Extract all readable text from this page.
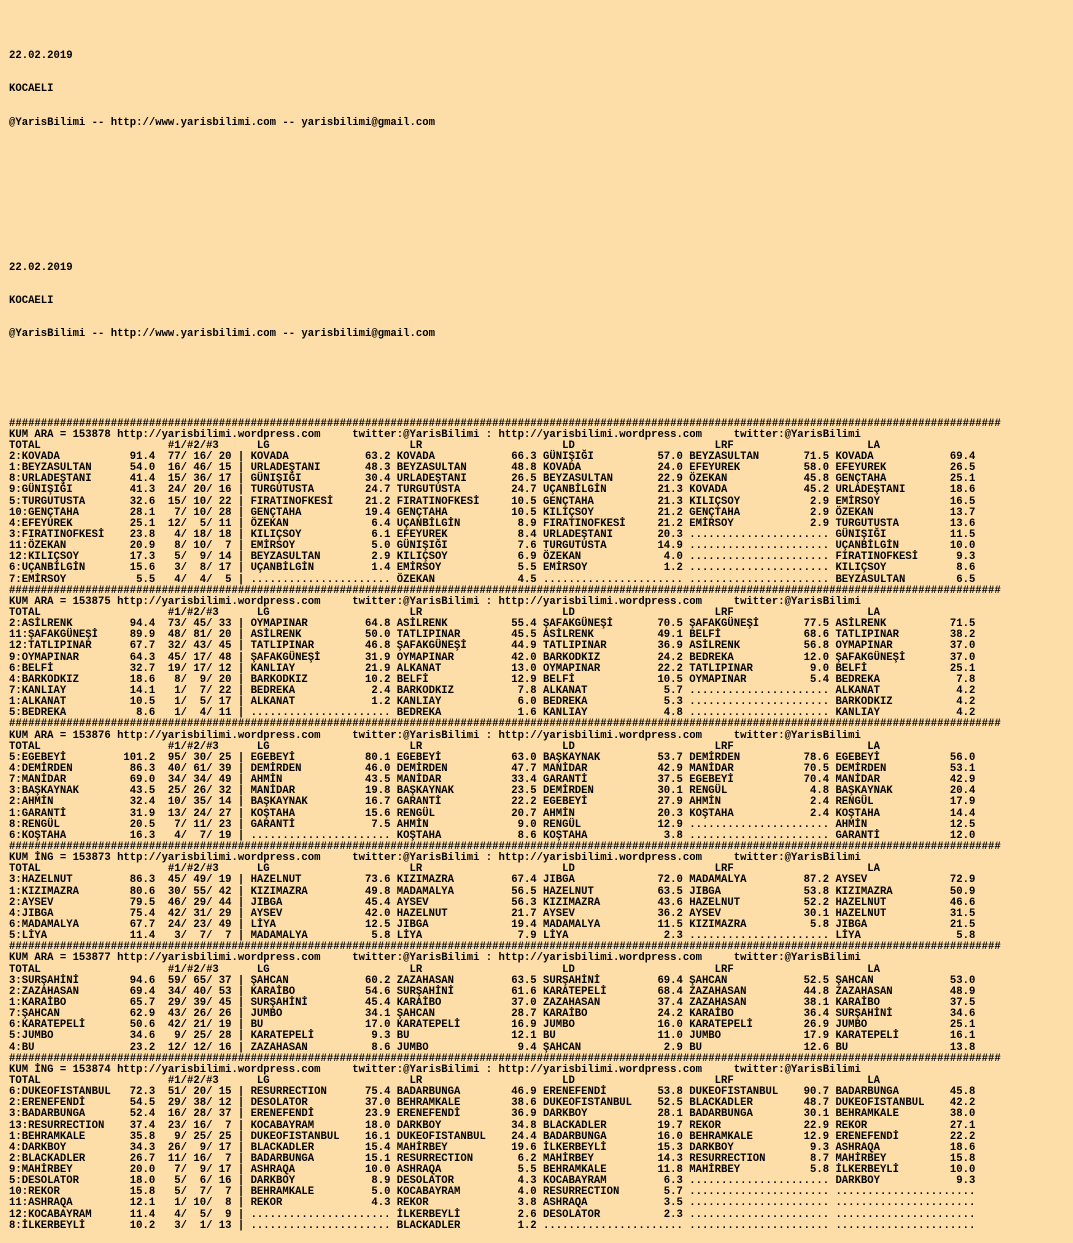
22.02.2019

KOCAELI

@YarisBilimi -- http://www.yarisbilimi.com -- yarisbilimi@gmail.com

22.02.2019

KOCAELI

@YarisBilimi -- http://www.yarisbilimi.com -- yarisbilimi@gmail.com

############################################################################################################################################################
KUM ARA = 153878 http://yarisbilimi.wordpress.com     twitter:@YarisBilimi : http://yarisbilimi.wordpress.com     twitter:@YarisBilimi
TOTAL                    #1/#2/#3      LG                      LR                      LD                      LRF                     LA
2:KOVADA           91.4  77/ 16/ 20 | KOVADA            63.2 KOVADA            66.3 GÜNIŞIĞI          57.0 BEYZASULTAN       71.5 KOVADA            69.4
1:BEYZASULTAN      54.0  16/ 46/ 15 | URLADEŞTANI       48.3 BEYZASULTAN       48.8 KOVADA            24.0 EFEYUREK          58.0 EFEYUREK          26.5
8:URLADEŞTANI      41.4  15/ 36/ 17 | GÜNIŞIĞI          30.4 URLADEŞTANI       26.5 BEYZASULTAN       22.9 ÖZEKAN            45.8 GENÇTAHA          25.1
9:GÜNIŞIĞI         41.3  24/ 20/ 16 | TURGUTUSTA        24.7 TURGUTUSTA        24.7 UÇANBİLGİN        21.3 KOVADA            45.2 URLADEŞTANI       18.6
5:TURGUTUSTA       32.6  15/ 10/ 22 | FIRATINOFKESİ     21.2 FIRATINOFKESİ     10.5 GENÇTAHA          21.3 KILIÇSOY           2.9 EMİRSOY           16.5
10:GENÇTAHA        28.1   7/ 10/ 28 | GENÇTAHA          19.4 GENÇTAHA          10.5 KILIÇSOY          21.2 GENÇTAHA           2.9 ÖZEKAN            13.7
4:EFEYUREK         25.1  12/  5/ 11 | ÖZEKAN             6.4 UÇANBİLGİN         8.9 FIRATINOFKESİ     21.2 EMİRSOY            2.9 TURGUTUSTA        13.6
3:FIRATINOFKESİ    23.8   4/ 18/ 18 | KILIÇSOY           6.1 EFEYUREK           8.4 URLADEŞTANI       20.3 ...................... GÜNIŞIĞI          11.5
11:ÖZEKAN          20.9   8/ 10/  7 | EMİRSOY            5.0 GÜNIŞIĞI           7.6 TURGUTUSTA        14.9 ...................... UÇANBİLGİN        10.0
12:KILIÇSOY        17.3   5/  9/ 14 | BEYZASULTAN        2.9 KILIÇSOY           6.9 ÖZEKAN             4.0 ...................... FIRATINOFKESİ      9.3
6:UÇANBİLGİN       15.6   3/  8/ 17 | UÇANBİLGİN         1.4 EMİRSOY            5.5 EMİRSOY            1.2 ...................... KILIÇSOY           8.6
7:EMİRSOY           5.5   4/  4/  5 | ...................... ÖZEKAN             4.5 ...................... ...................... BEYZASULTAN        6.5
############################################################################################################################################################
KUM ARA = 153875 http://yarisbilimi.wordpress.com     twitter:@YarisBilimi : http://yarisbilimi.wordpress.com     twitter:@YarisBilimi
TOTAL                    #1/#2/#3      LG                      LR                      LD                      LRF                     LA
2:ASİLRENK         94.4  73/ 45/ 33 | OYMAPINAR         64.8 ASİLRENK          55.4 ŞAFAKGÜNEŞİ       70.5 ŞAFAKGÜNEŞİ       77.5 ASİLRENK          71.5
11:ŞAFAKGÜNEŞİ     89.9  48/ 81/ 20 | ASİLRENK          50.0 TATLIPINAR        45.5 ASİLRENK          49.1 BELFİ             68.6 TATLIPINAR        38.2
12:TATLIPINAR      67.7  32/ 43/ 45 | TATLIPINAR        46.8 ŞAFAKGÜNEŞİ       44.9 TATLIPINAR        36.9 ASİLRENK          56.8 OYMAPINAR         37.0
9:OYMAPINAR        64.3  45/ 17/ 48 | ŞAFAKGÜNEŞİ       31.9 OYMAPINAR         42.0 BARKODKIZ         24.2 BEDREKA           12.0 ŞAFAKGÜNEŞİ       37.0
6:BELFİ            32.7  19/ 17/ 12 | KANLIAY           21.9 ALKANAT           13.0 OYMAPINAR         22.2 TATLIPINAR         9.0 BELFİ             25.1
4:BARKODKIZ        18.6   8/  9/ 20 | BARKODKIZ         10.2 BELFİ             12.9 BELFİ             10.5 OYMAPINAR          5.4 BEDREKA            7.8
7:KANLIAY          14.1   1/  7/ 22 | BEDREKA            2.4 BARKODKIZ          7.8 ALKANAT            5.7 ...................... ALKANAT            4.2
1:ALKANAT          10.5   1/  5/ 17 | ALKANAT            1.2 KANLIAY            6.0 BEDREKA            5.3 ...................... BARKODKIZ          4.2
5:BEDREKA           8.6   1/  4/ 11 | ...................... BEDREKA            1.6 KANLIAY            4.8 ...................... KANLIAY            4.2
############################################################################################################################################################
KUM ARA = 153876 http://yarisbilimi.wordpress.com     twitter:@YarisBilimi : http://yarisbilimi.wordpress.com     twitter:@YarisBilimi
TOTAL                    #1/#2/#3      LG                      LR                      LD                      LRF                     LA
5:EGEBEYİ         101.2  95/ 30/ 25 | EGEBEYİ           80.1 EGEBEYİ           63.0 BAŞKAYNAK         53.7 DEMİRDEN          78.6 EGEBEYİ           56.0
4:DEMİRDEN         86.3  40/ 61/ 39 | DEMİRDEN          46.0 DEMİRDEN          47.7 MANİDAR           42.9 MANİDAR           70.5 DEMİRDEN          53.1
7:MANİDAR          69.0  34/ 34/ 49 | AHMİN             43.5 MANİDAR           33.4 GARANTİ           37.5 EGEBEYİ           70.4 MANİDAR           42.9
3:BAŞKAYNAK        43.5  25/ 26/ 32 | MANİDAR           19.8 BAŞKAYNAK         23.5 DEMİRDEN          30.1 RENGÜL             4.8 BAŞKAYNAK         20.4
2:AHMİN            32.4  10/ 35/ 14 | BAŞKAYNAK         16.7 GARANTİ           22.2 EGEBEYİ           27.9 AHMİN              2.4 RENGÜL            17.9
1:GARANTİ          31.9  13/ 24/ 27 | KOŞTAHA           15.6 RENGÜL            20.7 AHMİN             20.3 KOŞTAHA            2.4 KOŞTAHA           14.4
8:RENGÜL           20.5   7/ 11/ 23 | GARANTİ            7.5 AHMİN              9.0 RENGÜL            12.9 ...................... AHMİN             12.5
6:KOŞTAHA          16.3   4/  7/ 19 | ...................... KOŞTAHA            8.6 KOŞTAHA            3.8 ...................... GARANTİ           12.0
############################################################################################################################################################
KUM İNG = 153873 http://yarisbilimi.wordpress.com     twitter:@YarisBilimi : http://yarisbilimi.wordpress.com     twitter:@YarisBilimi
TOTAL                    #1/#2/#3      LG                      LR                      LD                      LRF                     LA
3:HAZELNUT         86.3  45/ 49/ 19 | HAZELNUT          73.6 KIZIMAZRA         67.4 JIBGA             72.0 MADAMALYA         87.2 AYSEV             72.9
1:KIZIMAZRA        80.6  30/ 55/ 42 | KIZIMAZRA         49.8 MADAMALYA         56.5 HAZELNUT          63.5 JIBGA             53.8 KIZIMAZRA         50.9
2:AYSEV            79.5  46/ 29/ 44 | JIBGA             45.4 AYSEV             56.3 KIZIMAZRA         43.6 HAZELNUT          52.2 HAZELNUT          46.6
4:JIBGA            75.4  42/ 31/ 29 | AYSEV             42.0 HAZELNUT          21.7 AYSEV             36.2 AYSEV             30.1 HAZELNUT          31.5
6:MADAMALYA        67.7  24/ 23/ 49 | LİYA              12.5 JIBGA             19.4 MADAMALYA         11.5 KIZIMAZRA          5.8 JIBGA             21.5
5:LİYA             11.4   3/  7/  7 | MADAMALYA          5.8 LİYA               7.9 LİYA               2.3 ...................... LİYA               5.8
############################################################################################################################################################
KUM ARA = 153877 http://yarisbilimi.wordpress.com     twitter:@YarisBilimi : http://yarisbilimi.wordpress.com     twitter:@YarisBilimi
TOTAL                    #1/#2/#3      LG                      LR                      LD                      LRF                     LA
3:SURŞAHİNİ        94.6  59/ 65/ 37 | ŞAHCAN            60.2 ZAZAHASAN         63.5 SURŞAHİNİ         69.4 ŞAHCAN            52.5 ŞAHCAN            53.0
2:ZAZAHASAN        69.4  34/ 40/ 53 | KARAİBO           54.6 SURŞAHİNİ         61.6 KARATEPELİ        68.4 ZAZAHASAN         44.8 ZAZAHASAN         48.9
1:KARAİBO          65.7  29/ 39/ 45 | SURŞAHİNİ         45.4 KARAİBO           37.0 ZAZAHASAN         37.4 ZAZAHASAN         38.1 KARAİBO           37.5
7:ŞAHCAN           62.9  43/ 26/ 26 | JUMBO             34.1 ŞAHCAN            28.7 KARAİBO           24.2 KARAİBO           36.4 SURŞAHİNİ         34.6
6:KARATEPELİ       50.6  42/ 21/ 19 | BU                17.0 KARATEPELİ        16.9 JUMBO             16.0 KARATEPELİ        26.9 JUMBO             25.1
5:JUMBO            34.6   9/ 25/ 28 | KARATEPELİ         9.3 BU                12.1 BU                11.0 JUMBO             17.9 KARATEPELİ        16.1
4:BU               23.2  12/ 12/ 16 | ZAZAHASAN          8.6 JUMBO              9.4 ŞAHCAN             2.9 BU                12.6 BU                13.8
############################################################################################################################################################
KUM İNG = 153874 http://yarisbilimi.wordpress.com     twitter:@YarisBilimi : http://yarisbilimi.wordpress.com     twitter:@YarisBilimi
TOTAL                    #1/#2/#3      LG                      LR                      LD                      LRF                     LA
6:DUKEOFISTANBUL   72.3  51/ 20/ 15 | RESURRECTION      75.4 BADARBUNGA        46.9 ERENEFENDİ        53.8 DUKEOFISTANBUL    90.7 BADARBUNGA        45.8
2:ERENEFENDİ       54.5  29/ 38/ 12 | DESOLATOR         37.0 BEHRAMKALE        38.6 DUKEOFISTANBUL    52.5 BLACKADLER        48.7 DUKEOFISTANBUL    42.2
3:BADARBUNGA       52.4  16/ 28/ 37 | ERENEFENDİ        23.9 ERENEFENDİ        36.9 DARKBOY           28.1 BADARBUNGA        30.1 BEHRAMKALE        38.0
13:RESURRECTION    37.4  23/ 16/  7 | KOCABAYRAM        18.0 DARKBOY           34.8 BLACKADLER        19.7 REKOR             22.9 REKOR             27.1
1:BEHRAMKALE       35.8   9/ 25/ 25 | DUKEOFISTANBUL    16.1 DUKEOFISTANBUL    24.4 BADARBUNGA        16.0 BEHRAMKALE        12.9 ERENEFENDİ        22.2
4:DARKBOY          34.3  26/  9/ 17 | BLACKADLER        15.4 MAHİRBEY          19.6 İLKERBEYLİ        15.3 DARKBOY            9.3 ASHRAQA           18.6
2:BLACKADLER       26.7  11/ 16/  7 | BADARBUNGA        15.1 RESURRECTION       6.2 MAHİRBEY          14.3 RESURRECTION       8.7 MAHİRBEY          15.8
9:MAHİRBEY         20.0   7/  9/ 17 | ASHRAQA           10.0 ASHRAQA            5.5 BEHRAMKALE        11.8 MAHİRBEY           5.8 İLKERBEYLİ        10.0
5:DESOLATOR        18.0   5/  6/ 16 | DARKBOY            8.9 DESOLATOR          4.3 KOCABAYRAM         6.3 ...................... DARKBOY            9.3
10:REKOR           15.8   5/  7/  7 | BEHRAMKALE         5.0 KOCABAYRAM         4.0 RESURRECTION       5.7 ...................... ......................
11:ASHRAQA         12.1   1/ 10/  8 | REKOR              4.3 REKOR              3.8 ASHRAQA            3.5 ...................... ......................
12:KOCABAYRAM      11.4   4/  5/  9 | ...................... İLKERBEYLİ         2.6 DESOLATOR          2.3 ...................... ......................
8:İLKERBEYLİ       10.2   3/  1/ 13 | ...................... BLACKADLER         1.2 ...................... ...................... ......................
